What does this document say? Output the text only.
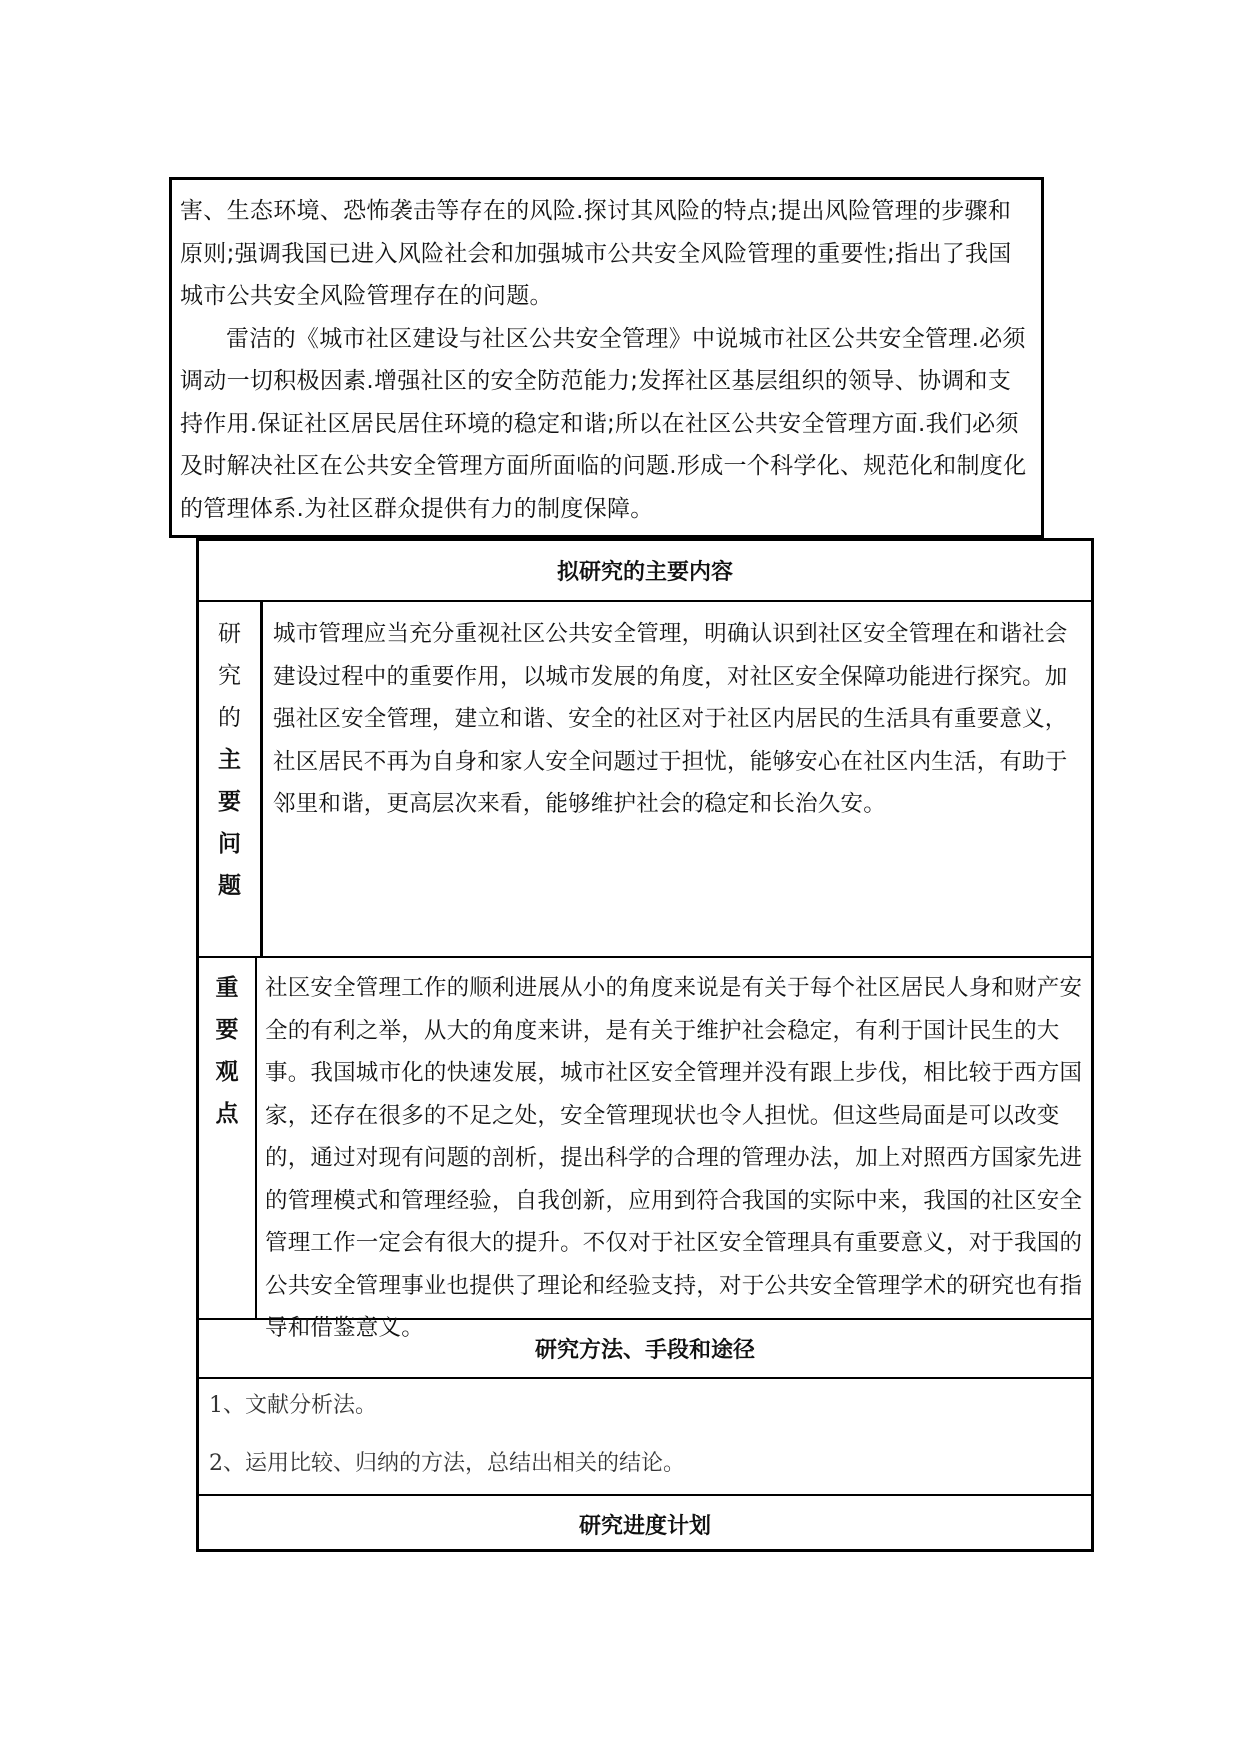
害、生态环境、恐怖袭击等存在的风险.探讨其风险的特点;提出风险管理的步骤和原则;强调我国已进入风险社会和加强城市公共安全风险管理的重要性;指出了我国城市公共安全风险管理存在的问题。

雷洁的《城市社区建设与社区公共安全管理》中说城市社区公共安全管理.必须调动一切积极因素.增强社区的安全防范能力;发挥社区基层组织的领导、协调和支持作用.保证社区居民居住环境的稳定和谐;所以在社区公共安全管理方面.我们必须及时解决社区在公共安全管理方面所面临的问题.形成一个科学化、规范化和制度化的管理体系.为社区群众提供有力的制度保障。

拟研究的主要内容
研
究
的
主
要
问
题

城市管理应当充分重视社区公共安全管理，明确认识到社区安全管理在和谐社会建设过程中的重要作用，以城市发展的角度，对社区安全保障功能进行探究。加强社区安全管理，建立和谐、安全的社区对于社区内居民的生活具有重要意义，社区居民不再为自身和家人安全问题过于担忧，能够安心在社区内生活，有助于邻里和谐，更高层次来看，能够维护社会的稳定和长治久安。

重
要
观
点

社区安全管理工作的顺利进展从小的角度来说是有关于每个社区居民人身和财产安全的有利之举，从大的角度来讲，是有关于维护社会稳定，有利于国计民生的大事。我国城市化的快速发展，城市社区安全管理并没有跟上步伐，相比较于西方国家，还存在很多的不足之处，安全管理现状也令人担忧。但这些局面是可以改变的，通过对现有问题的剖析，提出科学的合理的管理办法，加上对照西方国家先进的管理模式和管理经验，自我创新，应用到符合我国的实际中来，我国的社区安全管理工作一定会有很大的提升。不仅对于社区安全管理具有重要意义，对于我国的公共安全管理事业也提供了理论和经验支持，对于公共安全管理学术的研究也有指导和借鉴意义。

研究方法、手段和途径

1、文献分析法。

2、运用比较、归纳的方法，总结出相关的结论。

研究进度计划
